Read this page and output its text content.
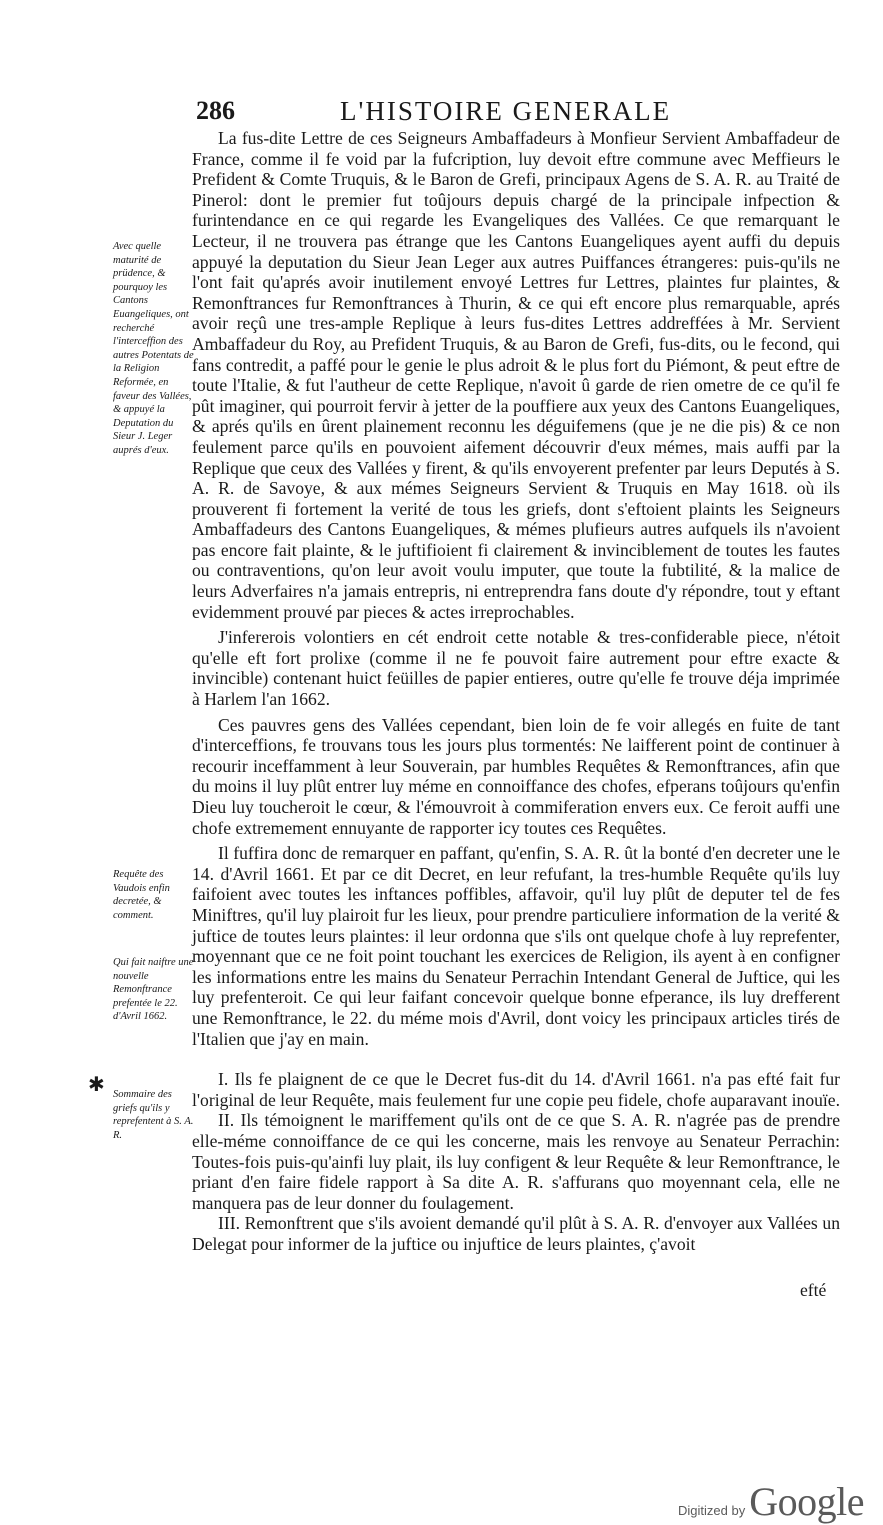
286	L'HISTOIRE GENERALE
Avec quelle maturité de prüdence, & pourquoy les Cantons Euangeliques, ont recherché l'interceffion des autres Potentats de la Religion Reformée, en faveur des Vallées, & appuyé la Deputation du Sieur J. Leger auprés d'eux.
Requête des Vaudois enfin decretée, & comment.
Qui fait naiftre une nouvelle Remonftrance prefentée le 22. d'Avril 1662.
Sommaire des griefs qu'ils y reprefentent à S. A. R.
✱

La fus-dite Lettre de ces Seigneurs Ambaffadeurs à Monfieur Servient Ambaffadeur de France, comme il fe void par la fufcription, luy devoit eftre commune avec Meffieurs le Prefident & Comte Truquis, & le Baron de Grefi, principaux Agens de S. A. R. au Traité de Pinerol: dont le premier fut toûjours depuis chargé de la principale infpection & furintendance en ce qui regarde les Evangeliques des Vallées. Ce que remarquant le Lecteur, il ne trouvera pas étrange que les Cantons Euangeliques ayent auffi du depuis appuyé la deputation du Sieur Jean Leger aux autres Puiffances étrangeres: puis-qu'ils ne l'ont fait qu'aprés avoir inutilement envoyé Lettres fur Lettres, plaintes fur plaintes, & Remonftrances fur Remonftrances à Thurin, & ce qui eft encore plus remarquable, aprés avoir reçû une tres-ample Replique à leurs fus-dites Lettres addreffées à Mr. Servient Ambaffadeur du Roy, au Prefident Truquis, & au Baron de Grefi, fus-dits, ou le fecond, qui fans contredit, a paffé pour le genie le plus adroit & le plus fort du Piémont, & peut eftre de toute l'Italie, & fut l'autheur de cette Replique, n'avoit û garde de rien ometre de ce qu'il fe pût imaginer, qui pourroit fervir à jetter de la pouffiere aux yeux des Cantons Euangeliques, & aprés qu'ils en ûrent plainement reconnu les déguifemens (que je ne die pis) & ce non feulement parce qu'ils en pouvoient aifement découvrir d'eux mémes, mais auffi par la Replique que ceux des Vallées y firent, & qu'ils envoyerent prefenter par leurs Deputés à S. A. R. de Savoye, & aux mémes Seigneurs Servient & Truquis en May 1618. où ils prouverent fi fortement la verité de tous les griefs, dont s'eftoient plaints les Seigneurs Ambaffadeurs des Cantons Euangeliques, & mémes plufieurs autres aufquels ils n'avoient pas encore fait plainte, & le juftifioient fi clairement & invinciblement de toutes les fautes ou contraventions, qu'on leur avoit voulu imputer, que toute la fubtilité, & la malice de leurs Adverfaires n'a jamais entrepris, ni entreprendra fans doute d'y répondre, tout y eftant evidemment prouvé par pieces & actes irreprochables.

J'infererois volontiers en cét endroit cette notable & tres-confiderable piece, n'étoit qu'elle eft fort prolixe (comme il ne fe pouvoit faire autrement pour eftre exacte & invincible) contenant huict feüilles de papier entieres, outre qu'elle fe trouve déja imprimée à Harlem l'an 1662.

Ces pauvres gens des Vallées cependant, bien loin de fe voir allegés en fuite de tant d'interceffions, fe trouvans tous les jours plus tormentés: Ne laifferent point de continuer à recourir inceffamment à leur Souverain, par humbles Requêtes & Remonftrances, afin que du moins il luy plût entrer luy méme en connoiffance des chofes, efperans toûjours qu'enfin Dieu luy toucheroit le cœur, & l'émouvroit à commiferation envers eux. Ce feroit auffi une chofe extremement ennuyante de rapporter icy toutes ces Requêtes.

Il fuffira donc de remarquer en paffant, qu'enfin, S. A. R. ût la bonté d'en decreter une le 14. d'Avril 1661. Et par ce dit Decret, en leur refufant, la tres-humble Requête qu'ils luy faifoient avec toutes les inftances poffibles, affavoir, qu'il luy plût de deputer tel de fes Miniftres, qu'il luy plairoit fur les lieux, pour prendre particuliere information de la verité & juftice de toutes leurs plaintes: il leur ordonna que s'ils ont quelque chofe à luy reprefenter, moyennant que ce ne foit point touchant les exercices de Religion, ils ayent à en configner les informations entre les mains du Senateur Perrachin Intendant General de Juftice, qui les luy prefenteroit. Ce qui leur faifant concevoir quelque bonne efperance, ils luy drefferent une Remonftrance, le 22. du méme mois d'Avril, dont voicy les principaux articles tirés de l'Italien que j'ay en main.

I. Ils fe plaignent de ce que le Decret fus-dit du 14. d'Avril 1661. n'a pas efté fait fur l'original de leur Requête, mais feulement fur une copie peu fidele, chofe auparavant inouïe.

II. Ils témoignent le mariffement qu'ils ont de ce que S. A. R. n'agrée pas de prendre elle-méme connoiffance de ce qui les concerne, mais les renvoye au Senateur Perrachin: Toutes-fois puis-qu'ainfi luy plait, ils luy configent & leur Requête & leur Remonftrance, le priant d'en faire fidele rapport à Sa dite A. R. s'affurans quo moyennant cela, elle ne manquera pas de leur donner du foulagement.

III. Remonftrent que s'ils avoient demandé qu'il plût à S. A. R. d'envoyer aux Vallées un Delegat pour informer de la juftice ou injuftice de leurs plaintes, ç'avoit

efté
Digitized by Google
